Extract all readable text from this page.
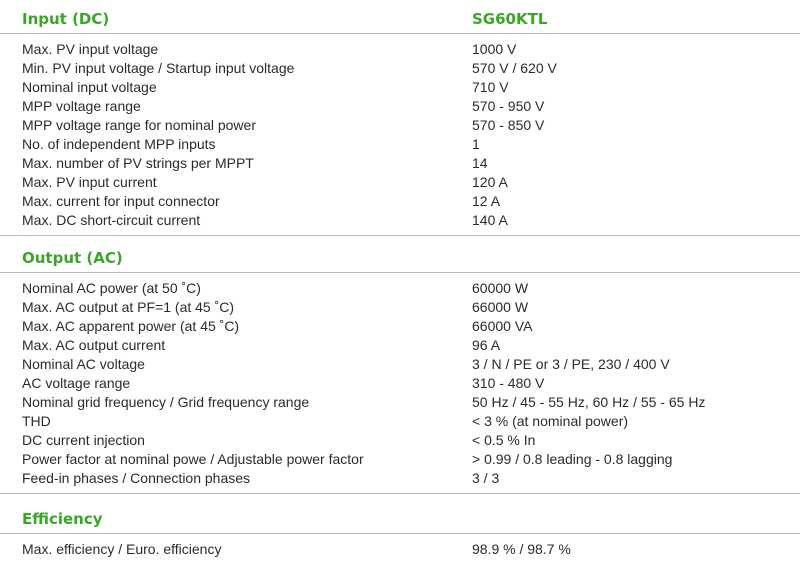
Input (DC)	SG60KTL
Max. PV input voltage	1000 V
Min. PV input voltage / Startup input voltage	570 V / 620 V
Nominal input voltage	710 V
MPP voltage range	570 - 950 V
MPP voltage range for nominal power	570 - 850 V
No. of independent MPP inputs	1
Max. number of PV strings per MPPT	14
Max. PV input current	120 A
Max. current for input connector	12 A
Max. DC short-circuit current	140 A
Output (AC)
Nominal AC power (at 50 ˚C)	60000 W
Max. AC output at PF=1 (at 45 ˚C)	66000 W
Max. AC apparent power (at 45 ˚C)	66000 VA
Max. AC output current	96 A
Nominal AC voltage	3 / N / PE or 3 / PE, 230 / 400 V
AC voltage range	310 - 480 V
Nominal grid frequency / Grid frequency range	50 Hz / 45 - 55 Hz, 60 Hz / 55 - 65 Hz
THD	< 3 % (at nominal power)
DC current injection	< 0.5 % In
Power factor at nominal powe / Adjustable power factor	> 0.99 / 0.8 leading - 0.8 lagging
Feed-in phases / Connection phases	3 / 3
Efficiency
Max. efficiency / Euro. efficiency	98.9 % / 98.7 %
